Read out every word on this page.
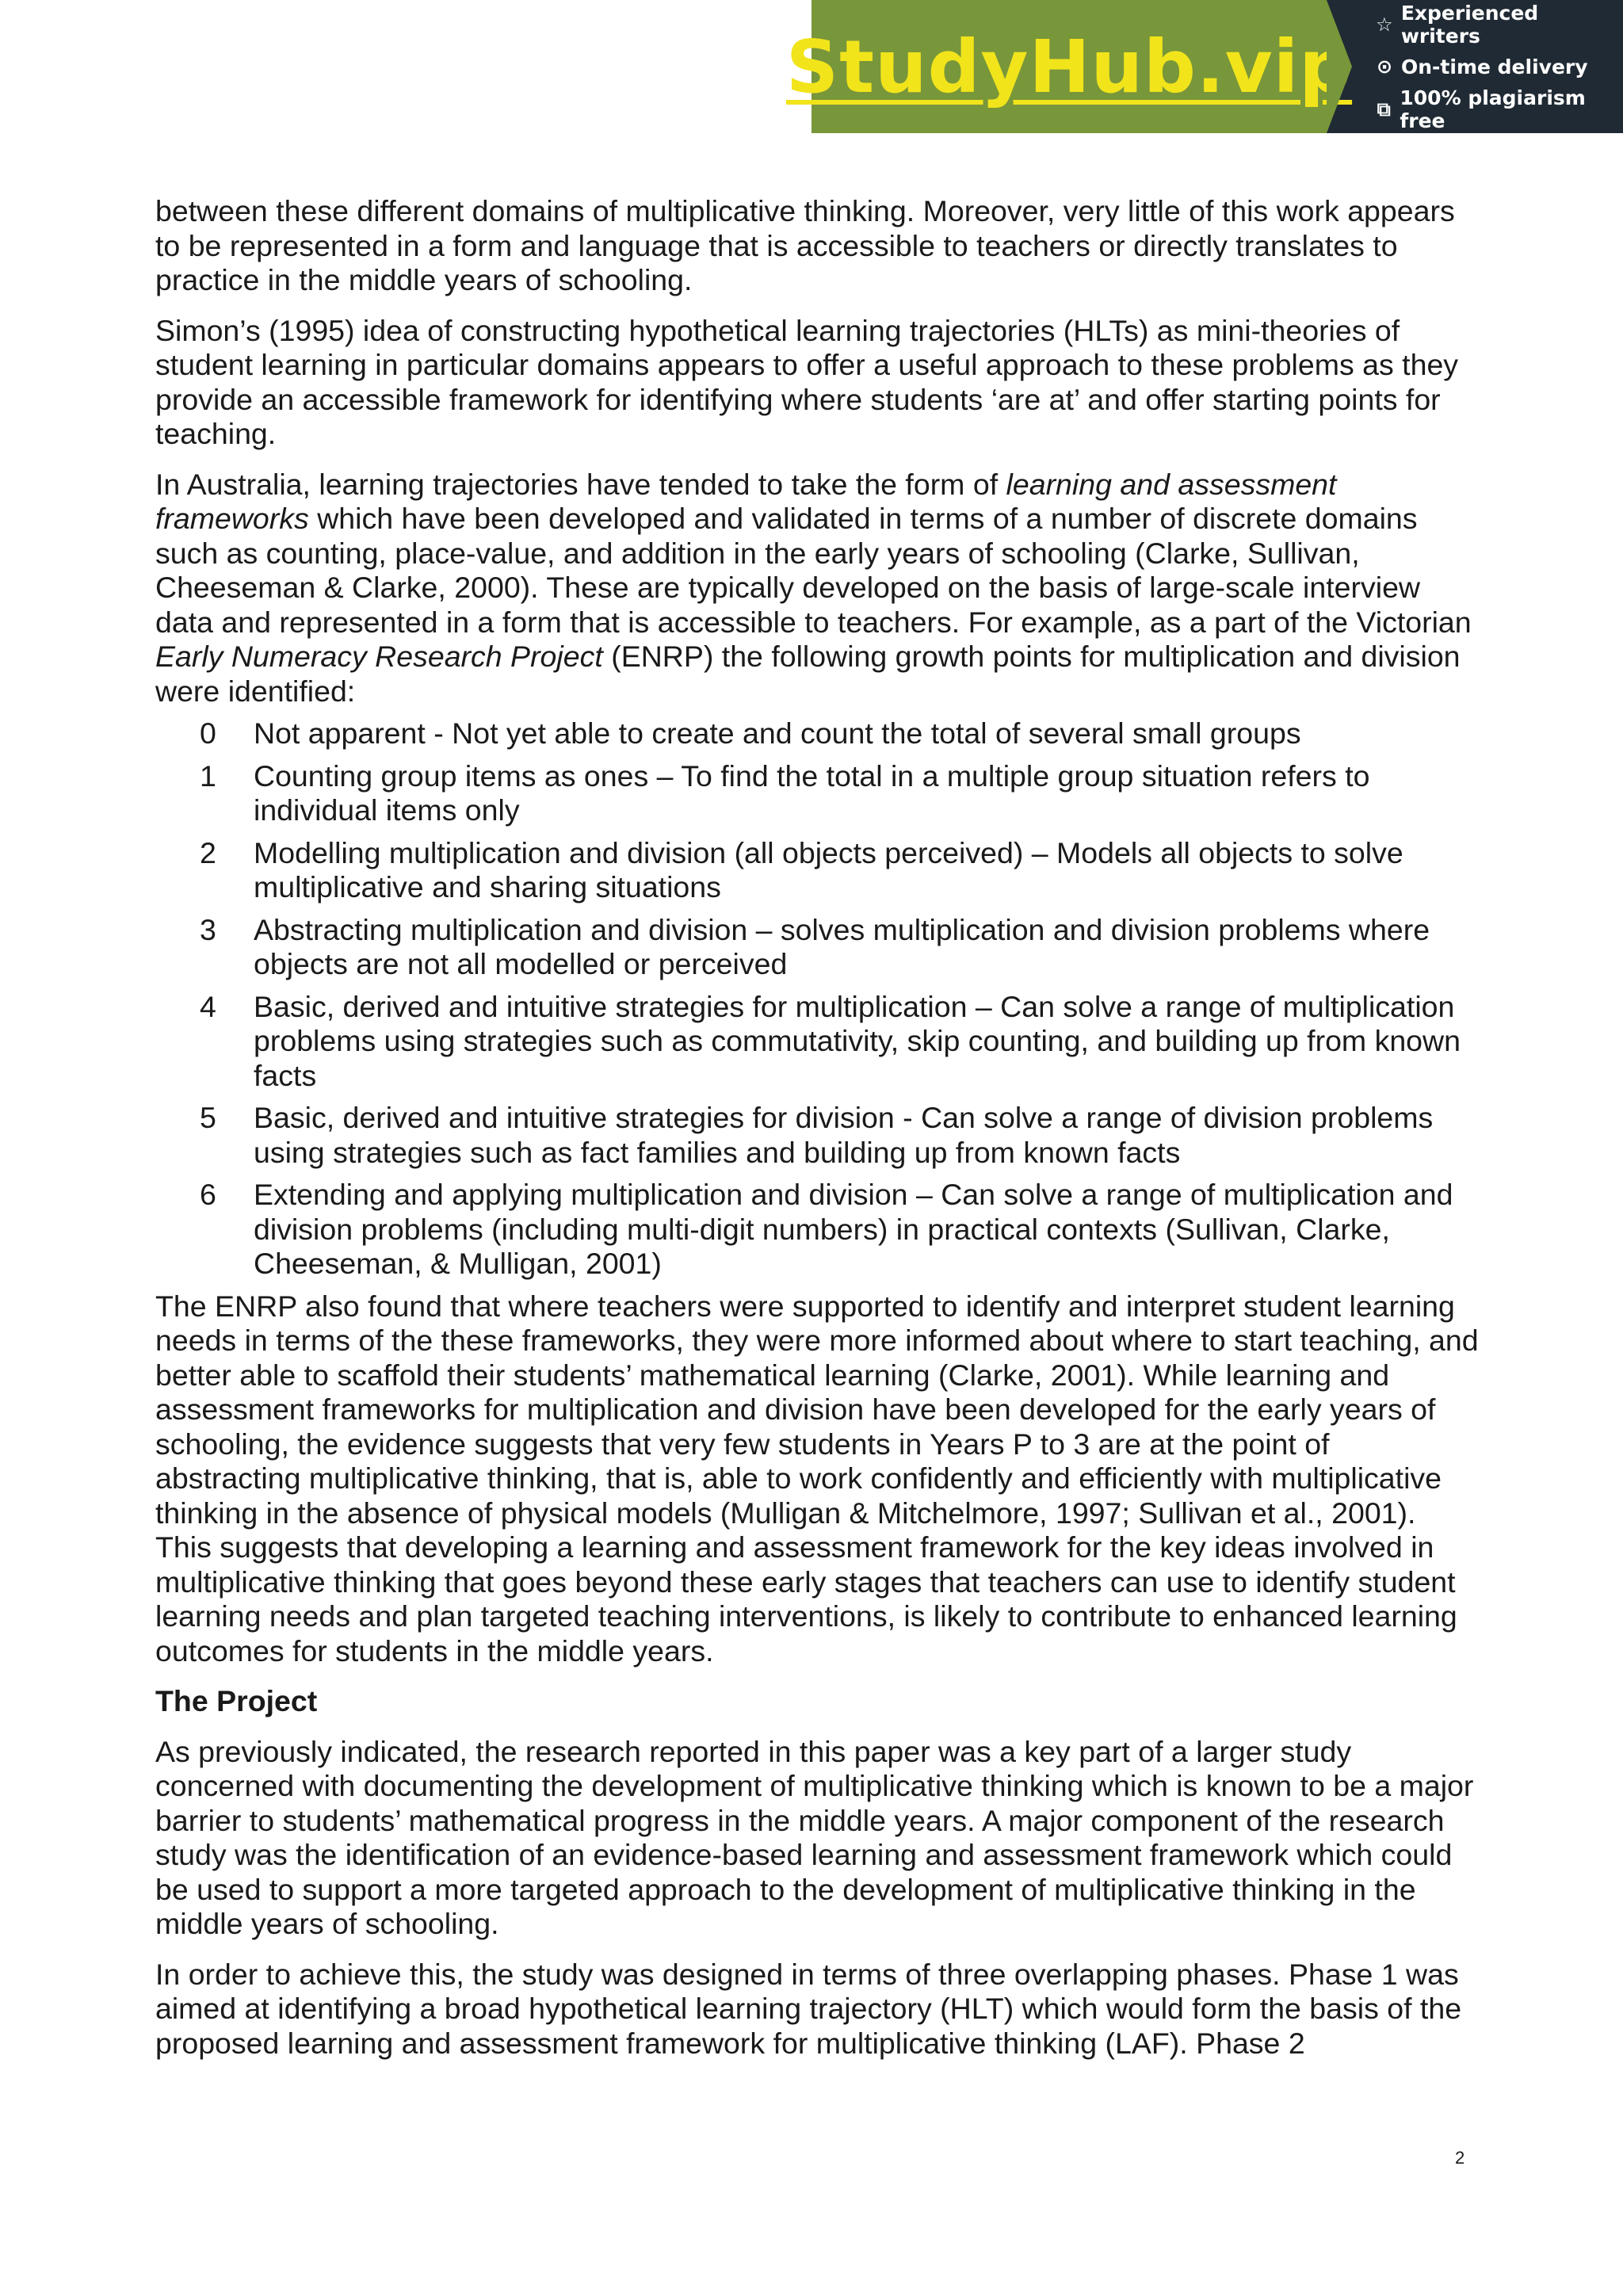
StudyHub.vip ☆ Experienced writers
⊙ On-time delivery
⧉ 100% plagiarism free

between these different domains of multiplicative thinking. Moreover, very little of this work appears to be represented in a form and language that is accessible to teachers or directly translates to practice in the middle years of schooling.

Simon’s (1995) idea of constructing hypothetical learning trajectories (HLTs) as mini-theories of student learning in particular domains appears to offer a useful approach to these problems as they provide an accessible framework for identifying where students ‘are at’ and offer starting points for teaching.

In Australia, learning trajectories have tended to take the form of learning and assessment frameworks which have been developed and validated in terms of a number of discrete domains such as counting, place-value, and addition in the early years of schooling (Clarke, Sullivan, Cheeseman & Clarke, 2000). These are typically developed on the basis of large-scale interview data and represented in a form that is accessible to teachers. For example, as a part of the Victorian Early Numeracy Research Project (ENRP) the following growth points for multiplication and division were identified:

0	Not apparent - Not yet able to create and count the total of several small groups
1	Counting group items as ones – To find the total in a multiple group situation refers to individual items only
2	Modelling multiplication and division (all objects perceived) – Models all objects to solve multiplicative and sharing situations
3	Abstracting multiplication and division – solves multiplication and division problems where objects are not all modelled or perceived
4	Basic, derived and intuitive strategies for multiplication – Can solve a range of multiplication problems using strategies such as commutativity, skip counting, and building up from known facts
5	Basic, derived and intuitive strategies for division - Can solve a range of division problems using strategies such as fact families and building up from known facts
6	Extending and applying multiplication and division – Can solve a range of multiplication and division problems (including multi-digit numbers) in practical contexts (Sullivan, Clarke, Cheeseman, & Mulligan, 2001)

The ENRP also found that where teachers were supported to identify and interpret student learning needs in terms of the these frameworks, they were more informed about where to start teaching, and better able to scaffold their students’ mathematical learning (Clarke, 2001). While learning and assessment frameworks for multiplication and division have been developed for the early years of schooling, the evidence suggests that very few students in Years P to 3 are at the point of abstracting multiplicative thinking, that is, able to work confidently and efficiently with multiplicative thinking in the absence of physical models (Mulligan & Mitchelmore, 1997; Sullivan et al., 2001). This suggests that developing a learning and assessment framework for the key ideas involved in multiplicative thinking that goes beyond these early stages that teachers can use to identify student learning needs and plan targeted teaching interventions, is likely to contribute to enhanced learning outcomes for students in the middle years.

The Project

As previously indicated, the research reported in this paper was a key part of a larger study concerned with documenting the development of multiplicative thinking which is known to be a major barrier to students’ mathematical progress in the middle years. A major component of the research study was the identification of an evidence-based learning and assessment framework which could be used to support a more targeted approach to the development of multiplicative thinking in the middle years of schooling.

In order to achieve this, the study was designed in terms of three overlapping phases. Phase 1 was aimed at identifying a broad hypothetical learning trajectory (HLT) which would form the basis of the proposed learning and assessment framework for multiplicative thinking (LAF). Phase 2

2
